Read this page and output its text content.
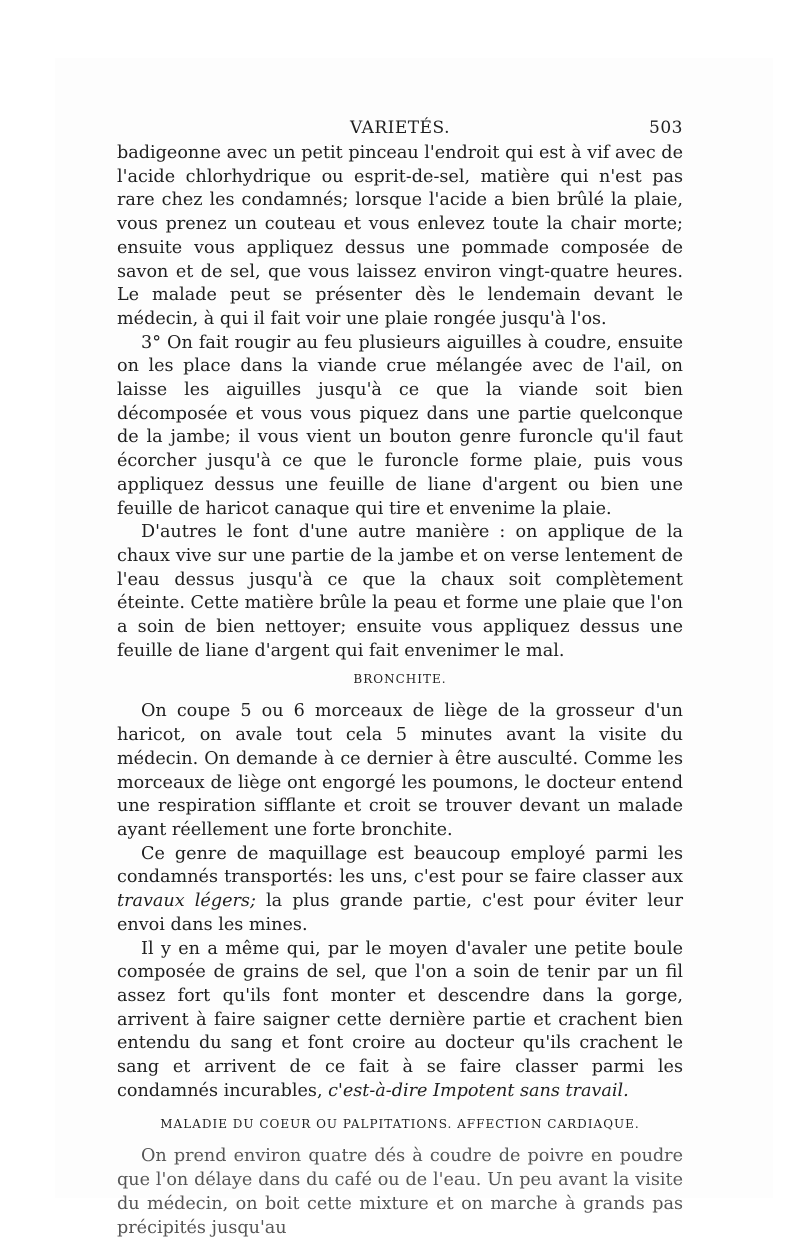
VARIETÉS.	503

badigeonne avec un petit pinceau l'endroit qui est à vif avec de l'acide chlorhydrique ou esprit-de-sel, matière qui n'est pas rare chez les condamnés; lorsque l'acide a bien brûlé la plaie, vous prenez un couteau et vous enlevez toute la chair morte; ensuite vous appliquez dessus une pommade composée de savon et de sel, que vous laissez environ vingt-quatre heures. Le malade peut se présenter dès le lendemain devant le médecin, à qui il fait voir une plaie rongée jusqu'à l'os.

3° On fait rougir au feu plusieurs aiguilles à coudre, ensuite on les place dans la viande crue mélangée avec de l'ail, on laisse les aiguilles jusqu'à ce que la viande soit bien décomposée et vous vous piquez dans une partie quelconque de la jambe; il vous vient un bouton genre furoncle qu'il faut écorcher jusqu'à ce que le furoncle forme plaie, puis vous appliquez dessus une feuille de liane d'argent ou bien une feuille de haricot canaque qui tire et envenime la plaie.

D'autres le font d'une autre manière : on applique de la chaux vive sur une partie de la jambe et on verse lentement de l'eau dessus jusqu'à ce que la chaux soit complètement éteinte. Cette matière brûle la peau et forme une plaie que l'on a soin de bien nettoyer; ensuite vous appliquez dessus une feuille de liane d'argent qui fait envenimer le mal.

BRONCHITE.

On coupe 5 ou 6 morceaux de liège de la grosseur d'un haricot, on avale tout cela 5 minutes avant la visite du médecin. On demande à ce dernier à être ausculté. Comme les morceaux de liège ont engorgé les poumons, le docteur entend une respiration sifflante et croit se trouver devant un malade ayant réellement une forte bronchite.

Ce genre de maquillage est beaucoup employé parmi les condamnés transportés: les uns, c'est pour se faire classer aux travaux légers; la plus grande partie, c'est pour éviter leur envoi dans les mines.

Il y en a même qui, par le moyen d'avaler une petite boule composée de grains de sel, que l'on a soin de tenir par un fil assez fort qu'ils font monter et descendre dans la gorge, arrivent à faire saigner cette dernière partie et crachent bien entendu du sang et font croire au docteur qu'ils crachent le sang et arrivent de ce fait à se faire classer parmi les condamnés incurables, c'est-à-dire Impotent sans travail.

MALADIE DU COEUR OU PALPITATIONS. AFFECTION CARDIAQUE.

On prend environ quatre dés à coudre de poivre en poudre que l'on délaye dans du café ou de l'eau. Un peu avant la visite du médecin, on boit cette mixture et on marche à grands pas précipités jusqu'au
